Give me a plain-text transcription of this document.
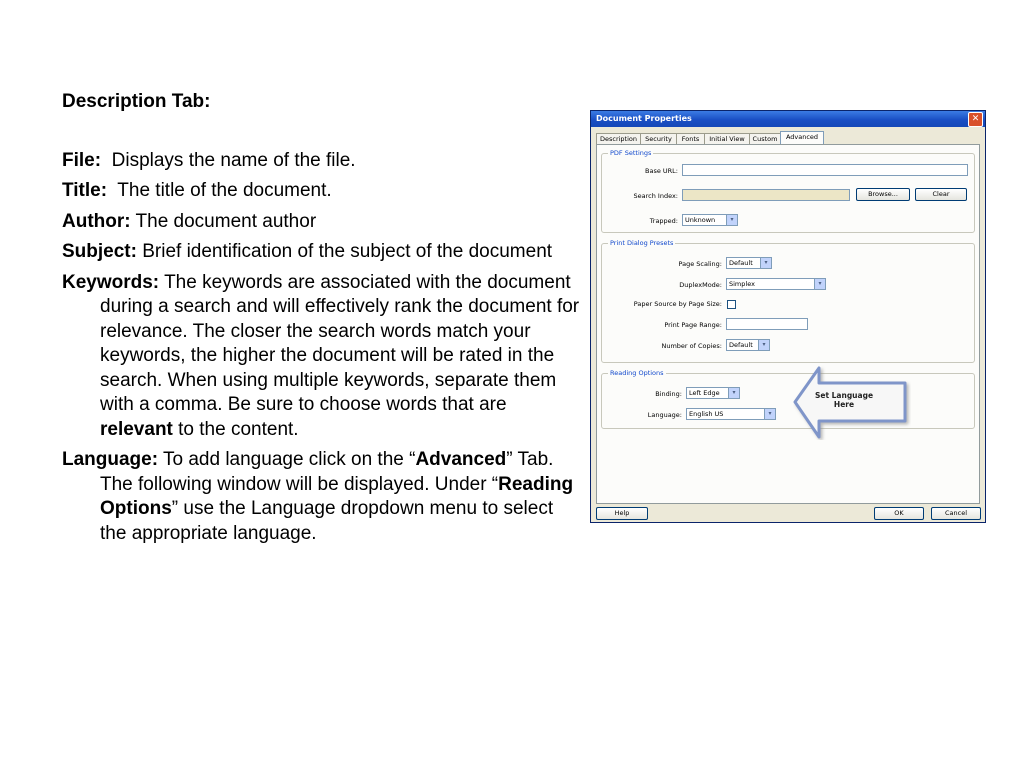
Description Tab:
File: Displays the name of the file.
Title: The title of the document.
Author: The document author
Subject: Brief identification of the subject of the document
Keywords: The keywords are associated with the document during a search and will effectively rank the document for relevance. The closer the search words match your keywords, the higher the document will be rated in the search. When using multiple keywords, separate them with a comma. Be sure to choose words that are relevant to the content.
Language: To add language click on the “Advanced” Tab. The following window will be displayed. Under “Reading Options” use the Language dropdown menu to select the appropriate language.
Document Properties	✕
Description	Security	Fonts	Initial View	Custom	Advanced
PDF Settings
Base URL:
Search Index:	Browse...	Clear
Trapped:	Unknown	▾
Print Dialog Presets
Page Scaling:	Default	▾
DuplexMode:	Simplex	▾
Paper Source by Page Size:
Print Page Range:
Number of Copies:	Default	▾
Reading Options
Binding:	Left Edge	▾
Language:	English US	▾
Help	OK	Cancel
Set Language Here
